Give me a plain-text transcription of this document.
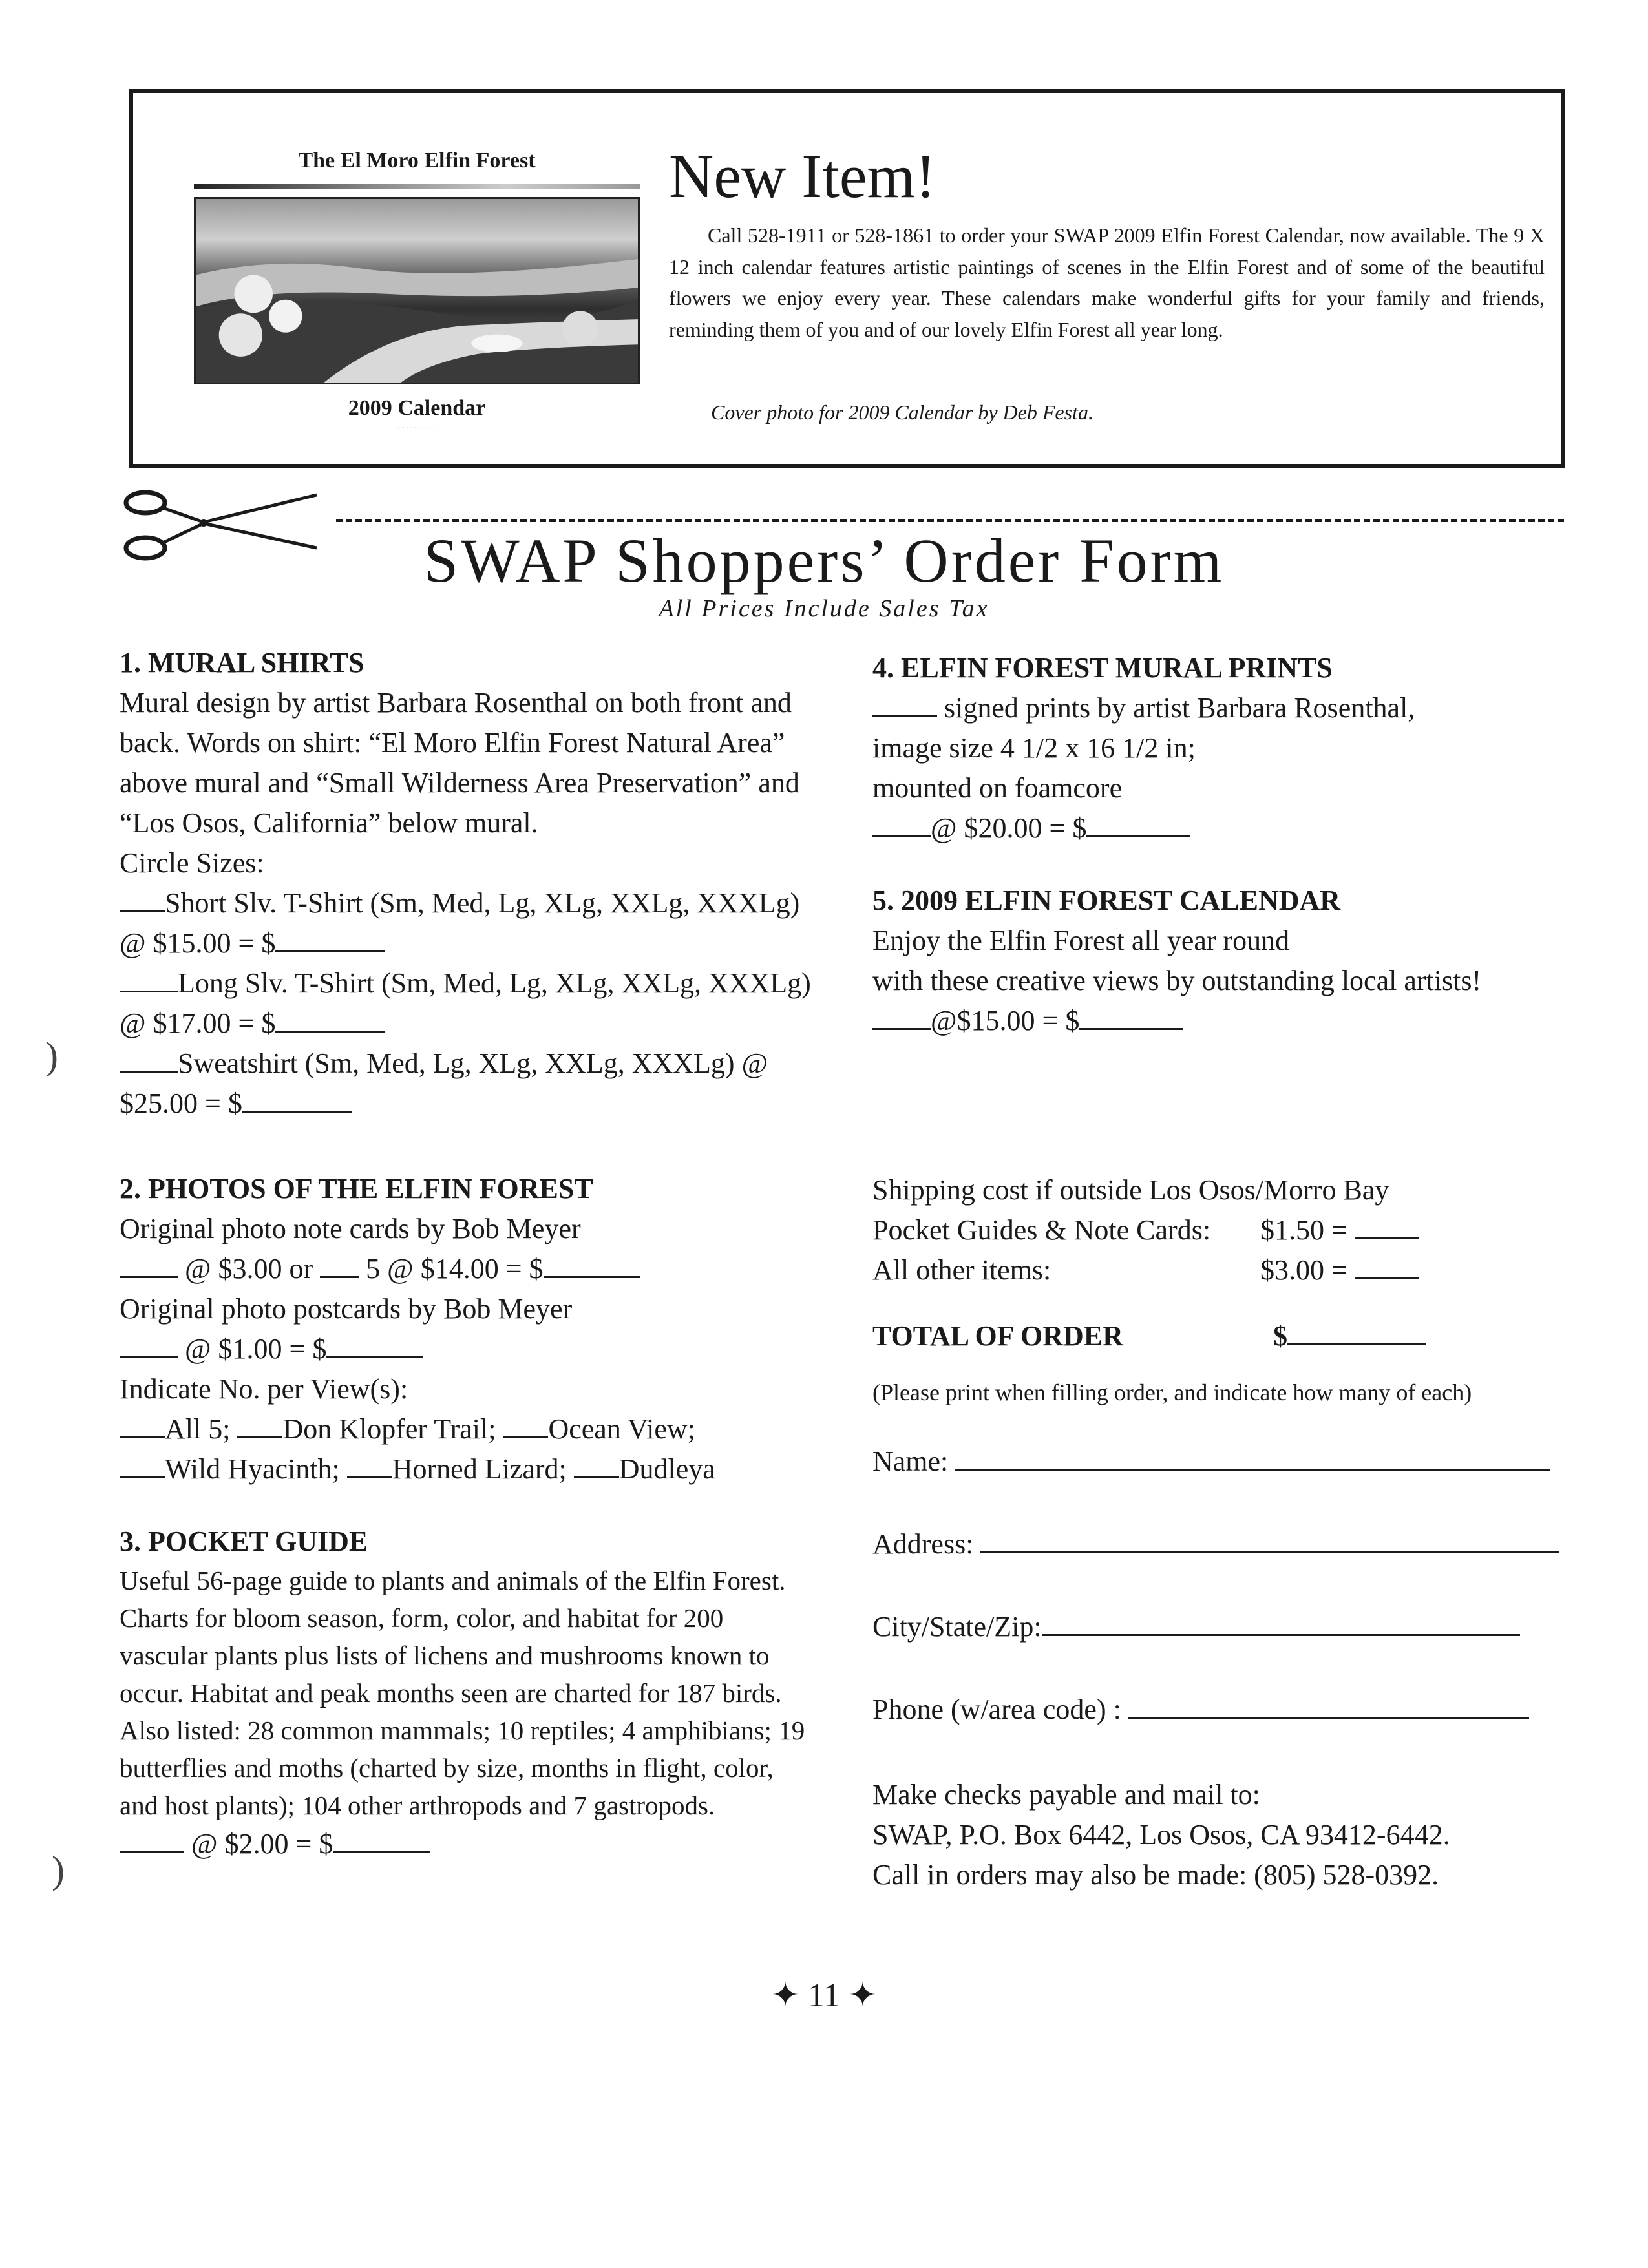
The El Moro Elfin Forest
2009 Calendar
· · · · · · · · · · · ·
New Item!
Call 528-1911 or 528-1861 to order your SWAP 2009 Elfin Forest Calendar, now available. The 9 X 12 inch calendar features artistic paintings of scenes in the Elfin Forest and of some of the beautiful flowers we enjoy every year. These calendars make wonderful gifts for your family and friends, reminding them of you and of our lovely Elfin Forest all year long.
Cover photo for 2009 Calendar by Deb Festa.
SWAP Shoppers’ Order Form
All Prices Include Sales Tax
1. MURAL SHIRTS

Mural design by artist Barbara Rosenthal on both front and back. Words on shirt: “El Moro Elfin Forest Natural Area” above mural and “Small Wilderness Area Preservation” and “Los Osos, California” below mural.

Circle Sizes:

Short Slv. T-Shirt (Sm, Med, Lg, XLg, XXLg, XXXLg) @ $15.00 = $

Long Slv. T-Shirt (Sm, Med, Lg, XLg, XXLg, XXXLg) @ $17.00 = $

Sweatshirt (Sm, Med, Lg, XLg, XXLg, XXXLg) @ $25.00 = $

2. PHOTOS OF THE ELFIN FOREST

Original photo note cards by Bob Meyer

@ $3.00 or 5 @ $14.00 = $

Original photo postcards by Bob Meyer

@ $1.00 = $

Indicate No. per View(s):

All 5; Don Klopfer Trail; Ocean View;

Wild Hyacinth; Horned Lizard; Dudleya

3. POCKET GUIDE

Useful 56-page guide to plants and animals of the Elfin Forest. Charts for bloom season, form, color, and habitat for 200 vascular plants plus lists of lichens and mushrooms known to occur. Habitat and peak months seen are charted for 187 birds. Also listed: 28 common mammals; 10 reptiles; 4 amphibians; 19 butterflies and moths (charted by size, months in flight, color, and host plants); 104 other arthropods and 7 gastropods.

@ $2.00 = $

4. ELFIN FOREST MURAL PRINTS

signed prints by artist Barbara Rosenthal,

image size 4 1/2 x 16 1/2 in;

mounted on foamcore

@ $20.00 = $

5. 2009 ELFIN FOREST CALENDAR

Enjoy the Elfin Forest all year round

with these creative views by outstanding local artists!

@$15.00 = $

Shipping cost if outside Los Osos/Morro Bay

Pocket Guides & Note Cards: $1.50 =

All other items:	$3.00 =

TOTAL OF ORDER	$

(Please print when filling order, and indicate how many of each)

Name:

Address:

City/State/Zip:

Phone (w/area code) :

Make checks payable and mail to:

SWAP, P.O. Box 6442, Los Osos, CA 93412-6442.

Call in orders may also be made: (805) 528-0392.

)
)
✦ 11 ✦
